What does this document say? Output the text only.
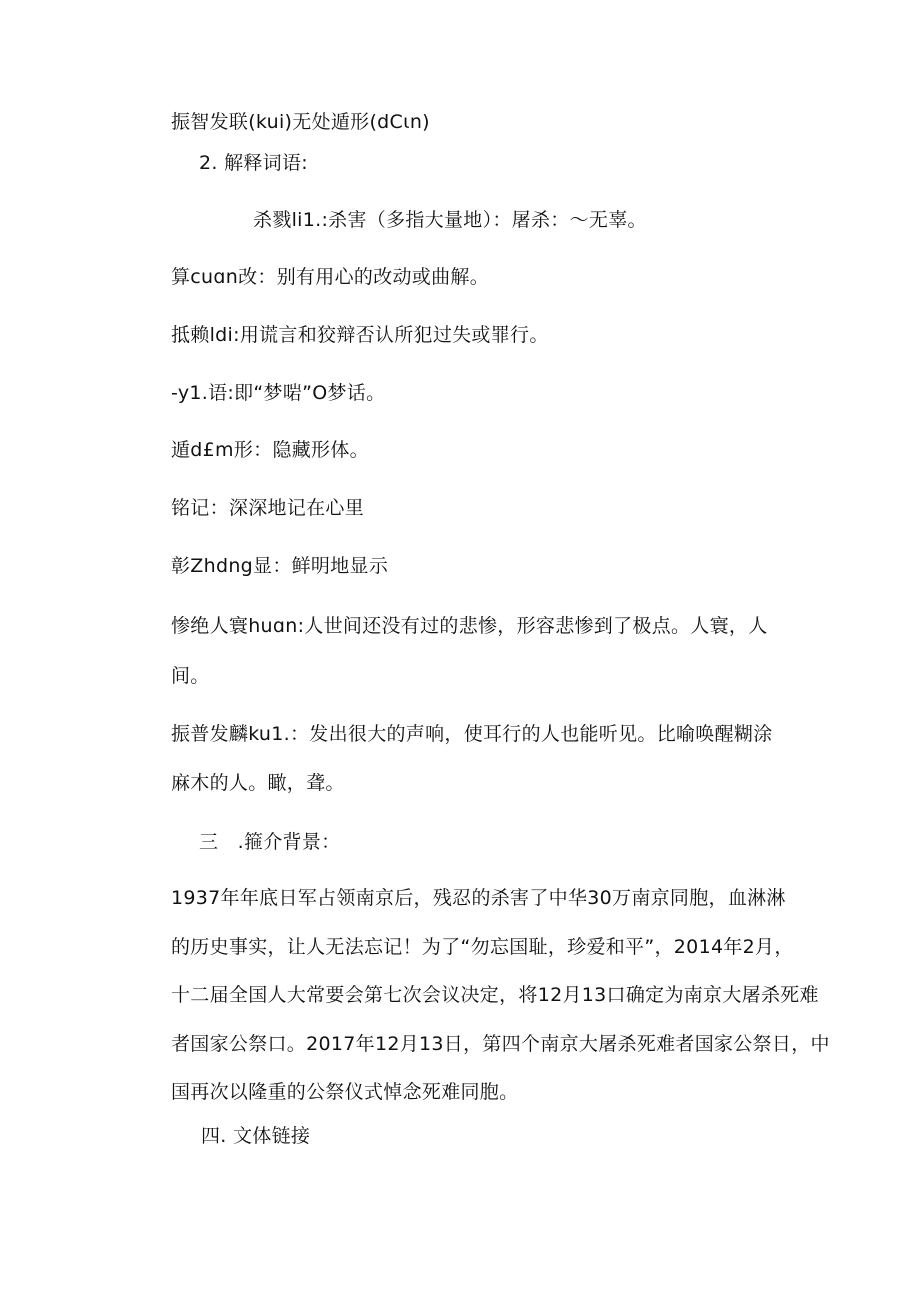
振智发联(kui)无处遁形(dCιn)

2. 解释词语:

杀戮li1.:杀害（多指大量地）：屠杀：～无辜。

算cuɑn改：别有用心的改动或曲解。

抵赖ldi:用谎言和狡辩否认所犯过失或罪行。

-y1.语:即“梦啱”O梦话。

遁d£m形：隐藏形体。

铭记：深深地记在心里

彰Zhdng显：鲜明地显示

惨绝人寰huɑn:人世间还没有过的悲惨，形容悲惨到了极点。人寰，人

间。

振普发麟ku1.：发出很大的声响，使耳行的人也能听见。比喻唤醒糊涂

麻木的人。瞰，聋。

三　.箍介背景：

1937年年底日军占领南京后，残忍的杀害了中华30万南京同胞，血淋淋

的历史事实，让人无法忘记！为了“勿忘国耻，珍爱和平”，2014年2月，

十二届全国人大常要会第七次会议决定，将12月13口确定为南京大屠杀死难

者国家公祭口。2017年12月13日，第四个南京大屠杀死难者国家公祭日，中

国再次以隆重的公祭仪式悼念死难同胞。

四. 文体链接
